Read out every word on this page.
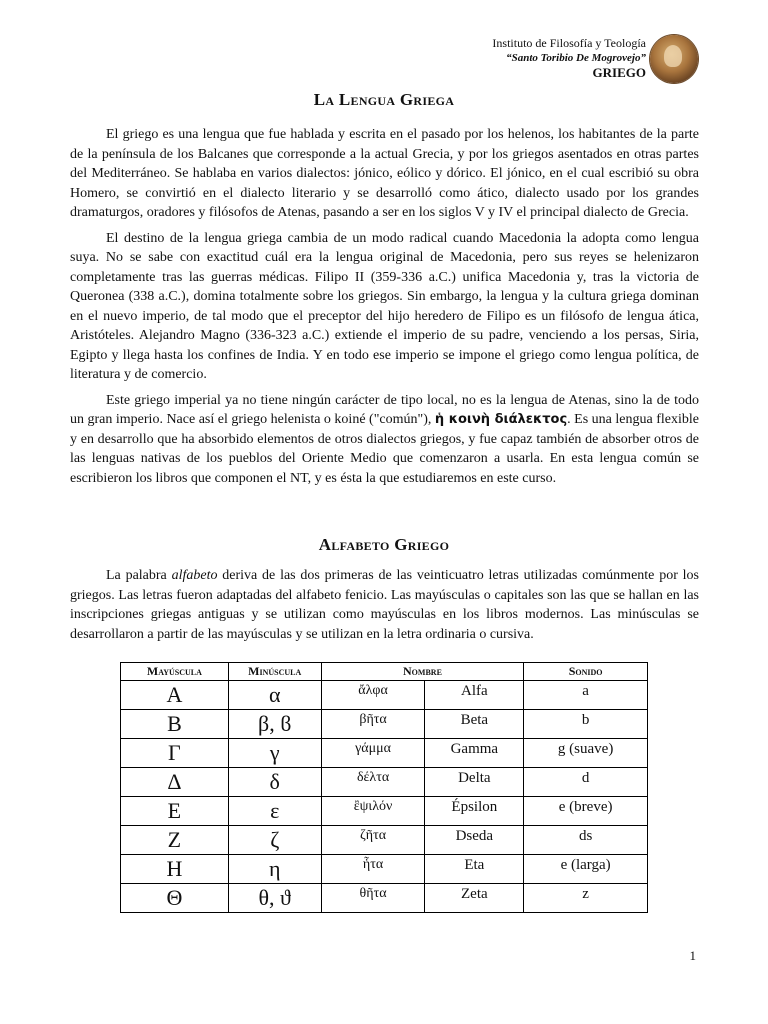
Instituto de Filosofía y Teología
“Santo Toribio De Mogrovejo”
GRIEGO
La Lengua Griega

El griego es una lengua que fue hablada y escrita en el pasado por los helenos, los habitantes de la parte de la península de los Balcanes que corresponde a la actual Grecia, y por los griegos asentados en otras partes del Mediterráneo. Se hablaba en varios dialectos: jónico, eólico y dórico. El jónico, en el cual escribió su obra Homero, se convirtió en el dialecto literario y se desarrolló como ático, dialecto usado por los grandes dramaturgos, oradores y filósofos de Atenas, pasando a ser en los siglos V y IV el principal dialecto de Grecia.

El destino de la lengua griega cambia de un modo radical cuando Macedonia la adopta como lengua suya. No se sabe con exactitud cuál era la lengua original de Macedonia, pero sus reyes se helenizaron completamente tras las guerras médicas. Filipo II (359-336 a.C.) unifica Macedonia y, tras la victoria de Queronea (338 a.C.), domina totalmente sobre los griegos. Sin embargo, la lengua y la cultura griega dominan en el nuevo imperio, de tal modo que el preceptor del hijo heredero de Filipo es un filósofo de lengua ática, Aristóteles. Alejandro Magno (336-323 a.C.) extiende el imperio de su padre, venciendo a los persas, Siria, Egipto y llega hasta los confines de India. Y en todo ese imperio se impone el griego como lengua política, de literatura y de comercio.

Este griego imperial ya no tiene ningún carácter de tipo local, no es la lengua de Atenas, sino la de todo un gran imperio. Nace así el griego helenista o koiné ("común"), ἡ κοινὴ διάλεκτος. Es una lengua flexible y en desarrollo que ha absorbido elementos de otros dialectos griegos, y fue capaz también de absorber otros de las lenguas nativas de los pueblos del Oriente Medio que comenzaron a usarla. En esta lengua común se escribieron los libros que componen el NT, y es ésta la que estudiaremos en este curso.

Alfabeto Griego

La palabra alfabeto deriva de las dos primeras de las veinticuatro letras utilizadas comúnmente por los griegos. Las letras fueron adaptadas del alfabeto fenicio. Las mayúsculas o capitales son las que se hallan en las inscripciones griegas antiguas y se utilizan como mayúsculas en los libros modernos. Las minúsculas se desarrollaron a partir de las mayúsculas y se utilizan en la letra ordinaria o cursiva.

Mayúscula	Minúscula	Nombre		Sonido
Α	α	ἄλφα	Alfa	a
Β	β, ϐ	βῆτα	Beta	b
Γ	γ	γάμμα	Gamma	g (suave)
Δ	δ	δέλτα	Delta	d
Ε	ε	ἒψιλόν	Épsilon	e (breve)
Ζ	ζ	ζῆτα	Dseda	ds
Η	η	ἦτα	Eta	e (larga)
Θ	θ, ϑ	θῆτα	Zeta	z
1
